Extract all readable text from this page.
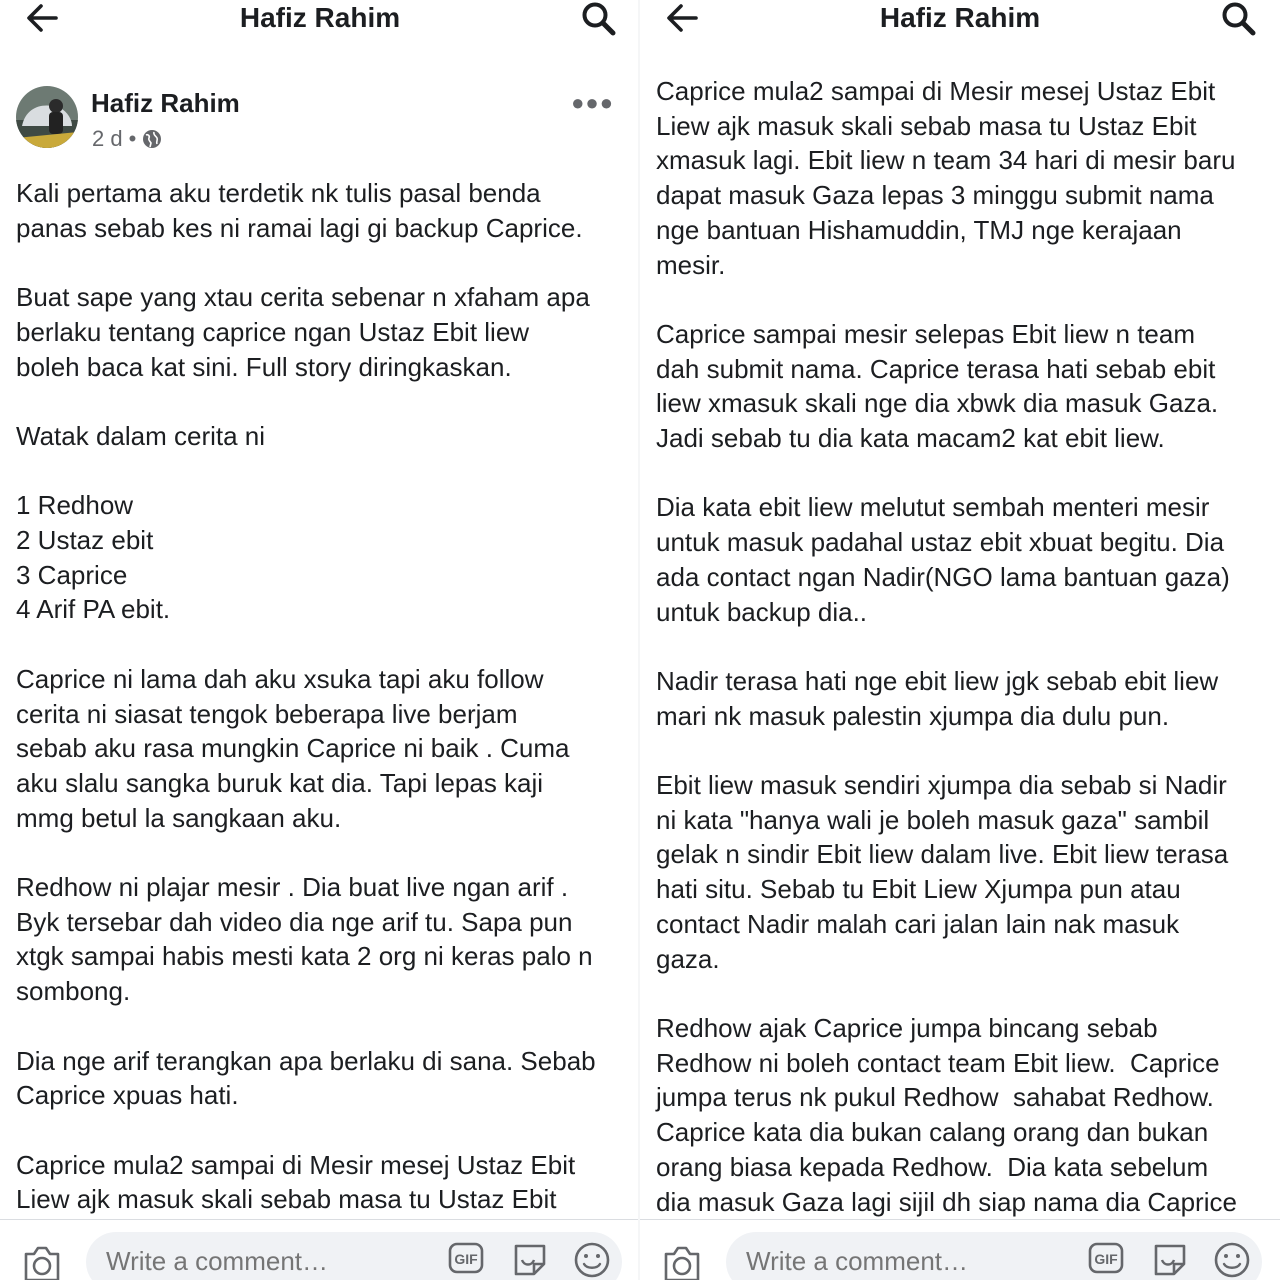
Hafiz Rahim
Hafiz Rahim
2 d •
●●●
Kali pertama aku terdetik nk tulis pasal benda
panas sebab kes ni ramai lagi gi backup Caprice.

Buat sape yang xtau cerita sebenar n xfaham apa
berlaku tentang caprice ngan Ustaz Ebit liew
boleh baca kat sini. Full story diringkaskan.

Watak dalam cerita ni

1 Redhow
2 Ustaz ebit
3 Caprice
4 Arif PA ebit.

Caprice ni lama dah aku xsuka tapi aku follow
cerita ni siasat tengok beberapa live berjam
sebab aku rasa mungkin Caprice ni baik . Cuma
aku slalu sangka buruk kat dia. Tapi lepas kaji
mmg betul la sangkaan aku.

Redhow ni plajar mesir . Dia buat live ngan arif .
Byk tersebar dah video dia nge arif tu. Sapa pun
xtgk sampai habis mesti kata 2 org ni keras palo n
sombong.

Dia nge arif terangkan apa berlaku di sana. Sebab
Caprice xpuas hati.

Caprice mula2 sampai di Mesir mesej Ustaz Ebit
Liew ajk masuk skali sebab masa tu Ustaz Ebit
Write a comment…
GIF
Hafiz Rahim
Caprice mula2 sampai di Mesir mesej Ustaz Ebit
Liew ajk masuk skali sebab masa tu Ustaz Ebit
xmasuk lagi. Ebit liew n team 34 hari di mesir baru
dapat masuk Gaza lepas 3 minggu submit nama
nge bantuan Hishamuddin, TMJ nge kerajaan
mesir.

Caprice sampai mesir selepas Ebit liew n team
dah submit nama. Caprice terasa hati sebab ebit
liew xmasuk skali nge dia xbwk dia masuk Gaza.
Jadi sebab tu dia kata macam2 kat ebit liew.

Dia kata ebit liew melutut sembah menteri mesir
untuk masuk padahal ustaz ebit xbuat begitu. Dia
ada contact ngan Nadir(NGO lama bantuan gaza)
untuk backup dia..

Nadir terasa hati nge ebit liew jgk sebab ebit liew
mari nk masuk palestin xjumpa dia dulu pun.

Ebit liew masuk sendiri xjumpa dia sebab si Nadir
ni kata "hanya wali je boleh masuk gaza" sambil
gelak n sindir Ebit liew dalam live. Ebit liew terasa
hati situ. Sebab tu Ebit Liew Xjumpa pun atau
contact Nadir malah cari jalan lain nak masuk
gaza.

Redhow ajak Caprice jumpa bincang sebab
Redhow ni boleh contact team Ebit liew.  Caprice
jumpa terus nk pukul Redhow  sahabat Redhow.
Caprice kata dia bukan calang orang dan bukan
orang biasa kepada Redhow.  Dia kata sebelum
dia masuk Gaza lagi sijil dh siap nama dia Caprice
Write a comment…
GIF
